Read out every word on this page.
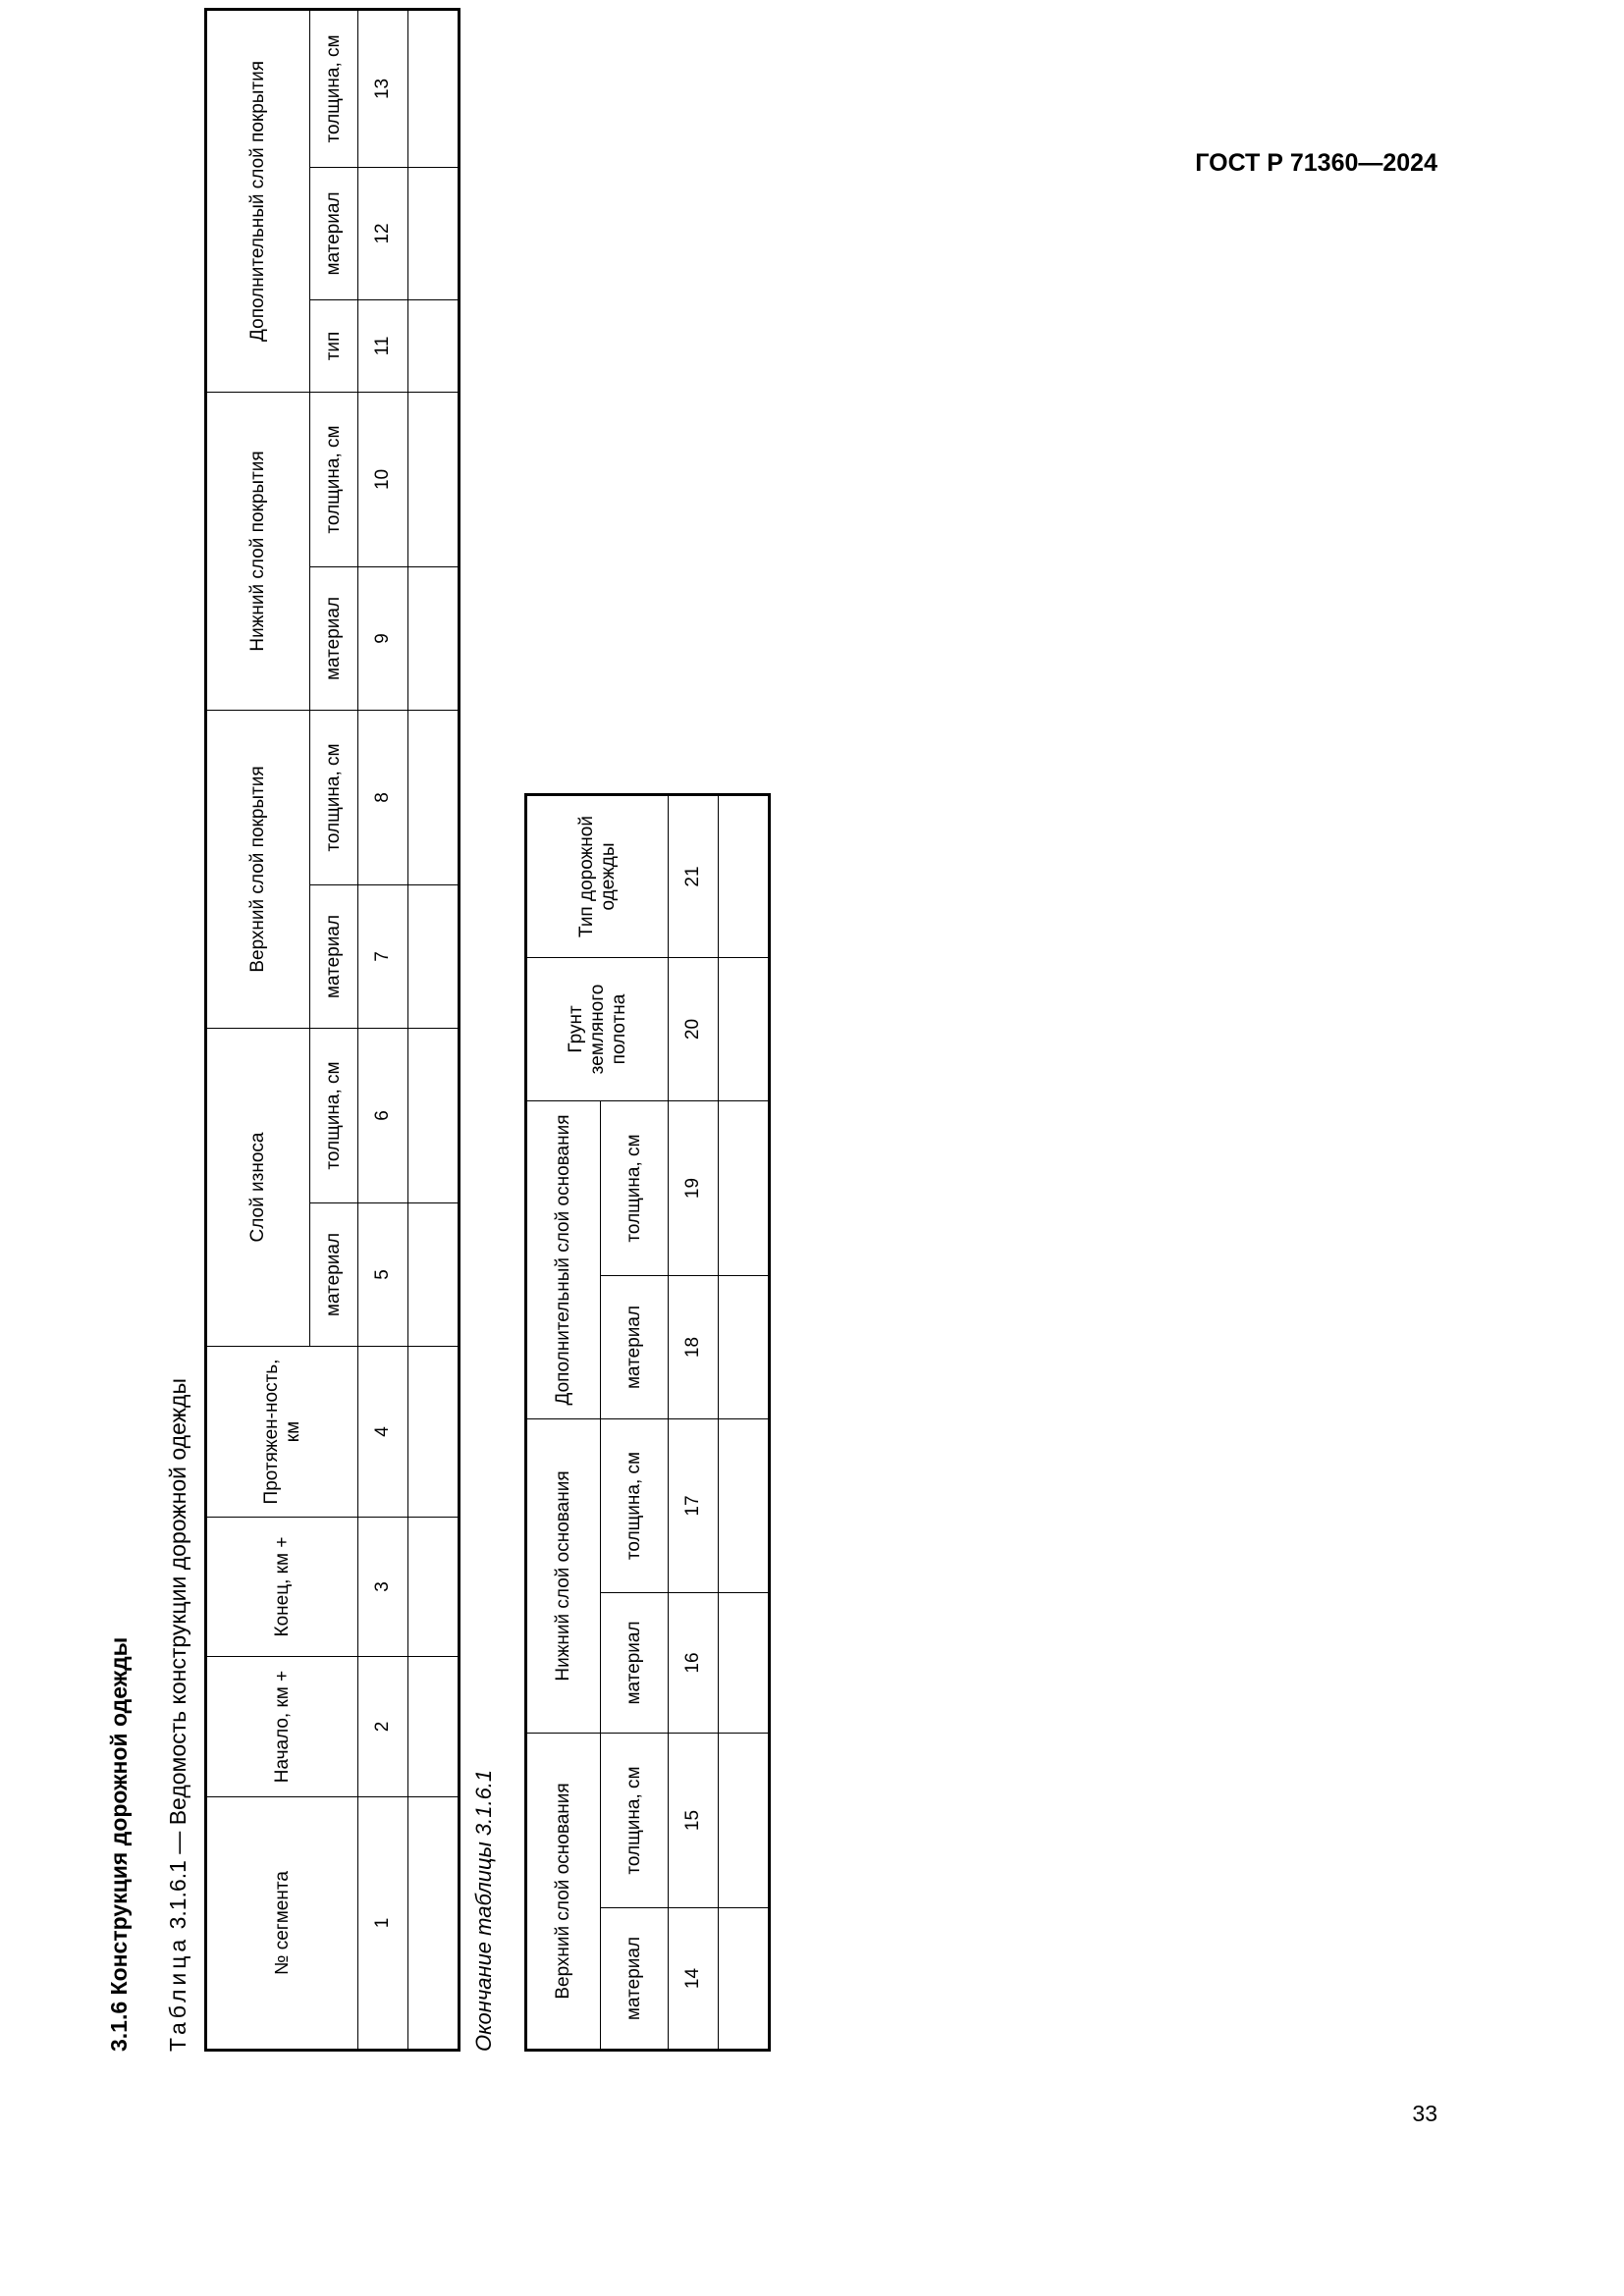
ГОСТ Р 71360—2024
3.1.6 Конструкция дорожной одежды Таблица 3.1.6.1 — Ведомость конструкции дорожной одежды	№ сегмента	Начало, км +	Конец, км +	Протяжен-ность, км	Слой износа		Верхний слой покрытия		Нижний слой покрытия		Дополнительный слой покрытия		
				материал	толщина, см	материал	толщина, см	материал	толщина, см	тип	материал	толщина, см
1	2	3	4	5	6	7	8	9	10	11	12	13

Окончание таблицы 3.1.6.1	Верхний слой основания		Нижний слой основания		Дополнительный слой основания		Грунт земляного полотна	Тип дорожной одежды
материал	толщина, см	материал	толщина, см	материал	толщина, см		
14	15	16	17	18	19	20	21

33
